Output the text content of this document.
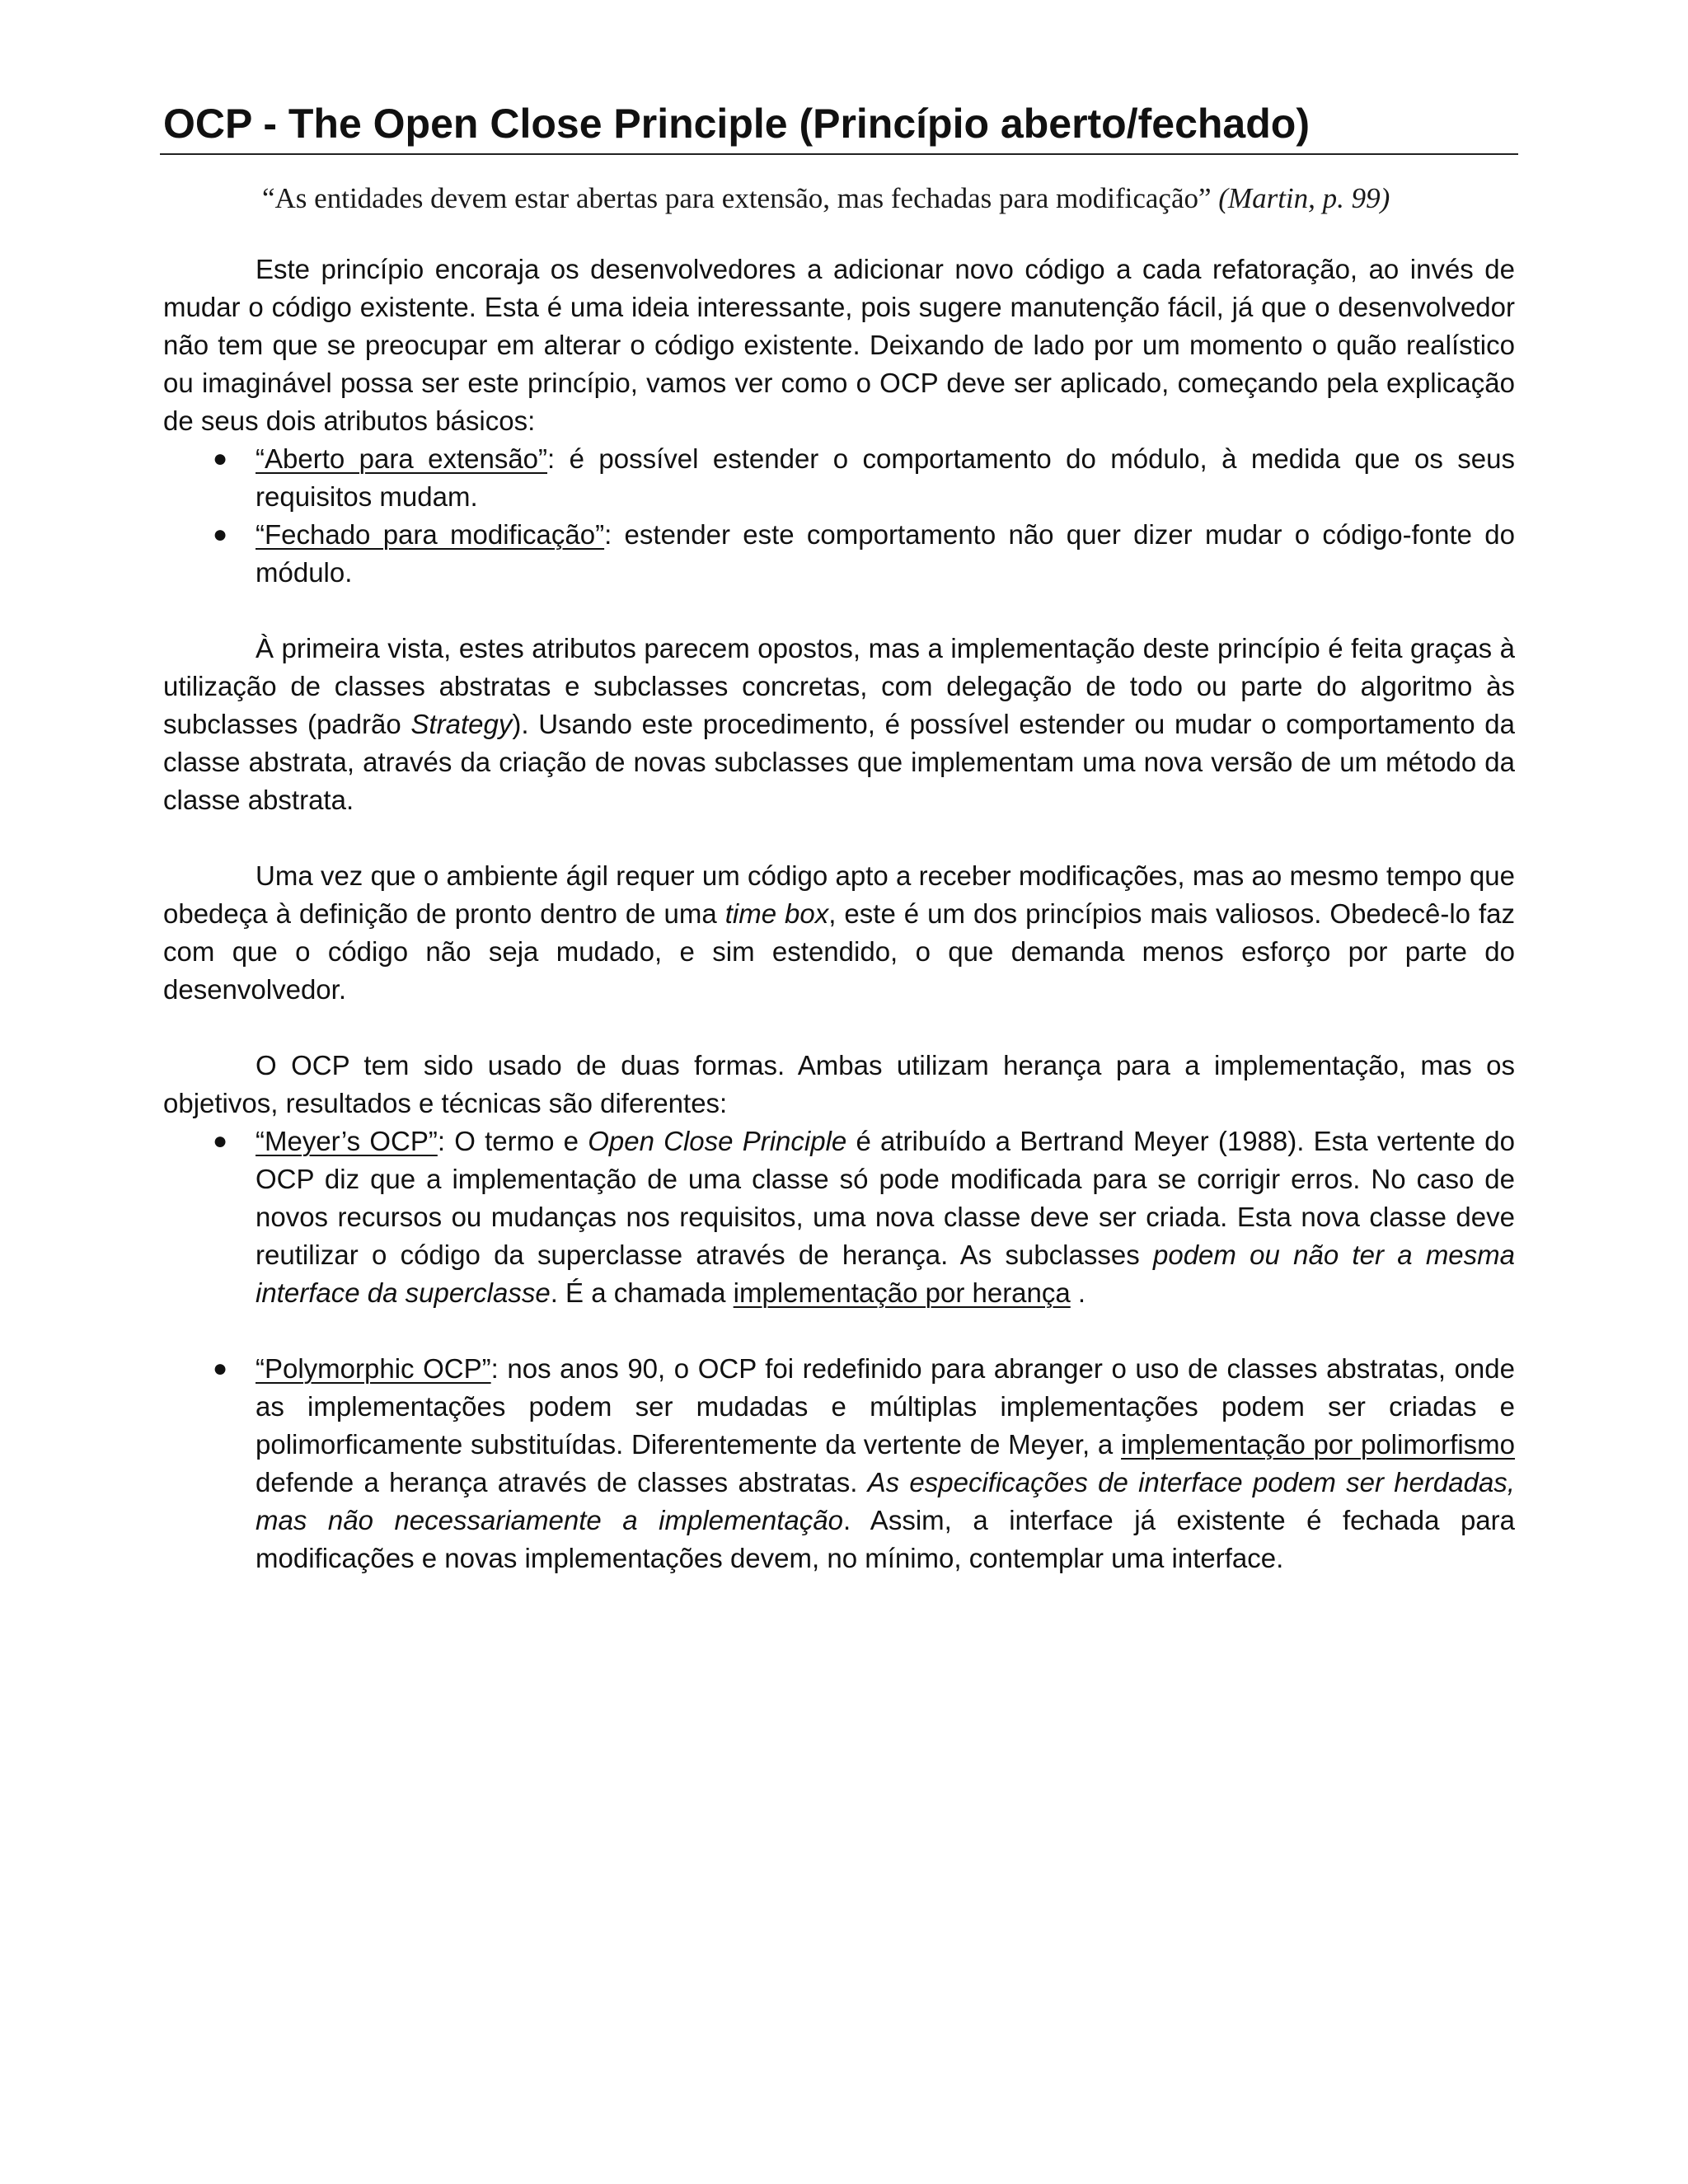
OCP - The Open Close Principle (Princípio aberto/fechado)

“As entidades devem estar abertas para extensão, mas fechadas para modificação” (Martin, p. 99)

Este princípio encoraja os desenvolvedores a adicionar novo código a cada refatoração, ao invés de mudar o código existente. Esta é uma ideia interessante, pois sugere manutenção fácil, já que o desenvolvedor não tem que se preocupar em alterar o código existente. Deixando de lado por um momento o quão realístico ou imaginável possa ser este princípio, vamos ver como o OCP deve ser aplicado, começando pela explicação de seus dois atributos básicos:

● “Aberto para extensão”: é possível estender o comportamento do módulo, à medida que os seus requisitos mudam.
● “Fechado para modificação”: estender este comportamento não quer dizer mudar o código-fonte do módulo.

À primeira vista, estes atributos parecem opostos, mas a implementação deste princípio é feita graças à utilização de classes abstratas e subclasses concretas, com delegação de todo ou parte do algoritmo às subclasses (padrão Strategy). Usando este procedimento, é possível estender ou mudar o comportamento da classe abstrata, através da criação de novas subclasses que implementam uma nova versão de um método da classe abstrata.

Uma vez que o ambiente ágil requer um código apto a receber modificações, mas ao mesmo tempo que obedeça à definição de pronto dentro de uma time box, este é um dos princípios mais valiosos. Obedecê-lo faz com que o código não seja mudado, e sim estendido, o que demanda menos esforço por parte do desenvolvedor.

O OCP tem sido usado de duas formas. Ambas utilizam herança para a implementação, mas os objetivos, resultados e técnicas são diferentes:

● “Meyer’s OCP”: O termo e Open Close Principle é atribuído a Bertrand Meyer (1988). Esta vertente do OCP diz que a implementação de uma classe só pode modificada para se corrigir erros. No caso de novos recursos ou mudanças nos requisitos, uma nova classe deve ser criada. Esta nova classe deve reutilizar o código da superclasse através de herança. As subclasses podem ou não ter a mesma interface da superclasse. É a chamada implementação por herança .
● “Polymorphic OCP”: nos anos 90, o OCP foi redefinido para abranger o uso de classes abstratas, onde as implementações podem ser mudadas e múltiplas implementações podem ser criadas e polimorficamente substituídas. Diferentemente da vertente de Meyer, a implementação por polimorfismo defende a herança através de classes abstratas. As especificações de interface podem ser herdadas, mas não necessariamente a implementação. Assim, a interface já existente é fechada para modificações e novas implementações devem, no mínimo, contemplar uma interface.
